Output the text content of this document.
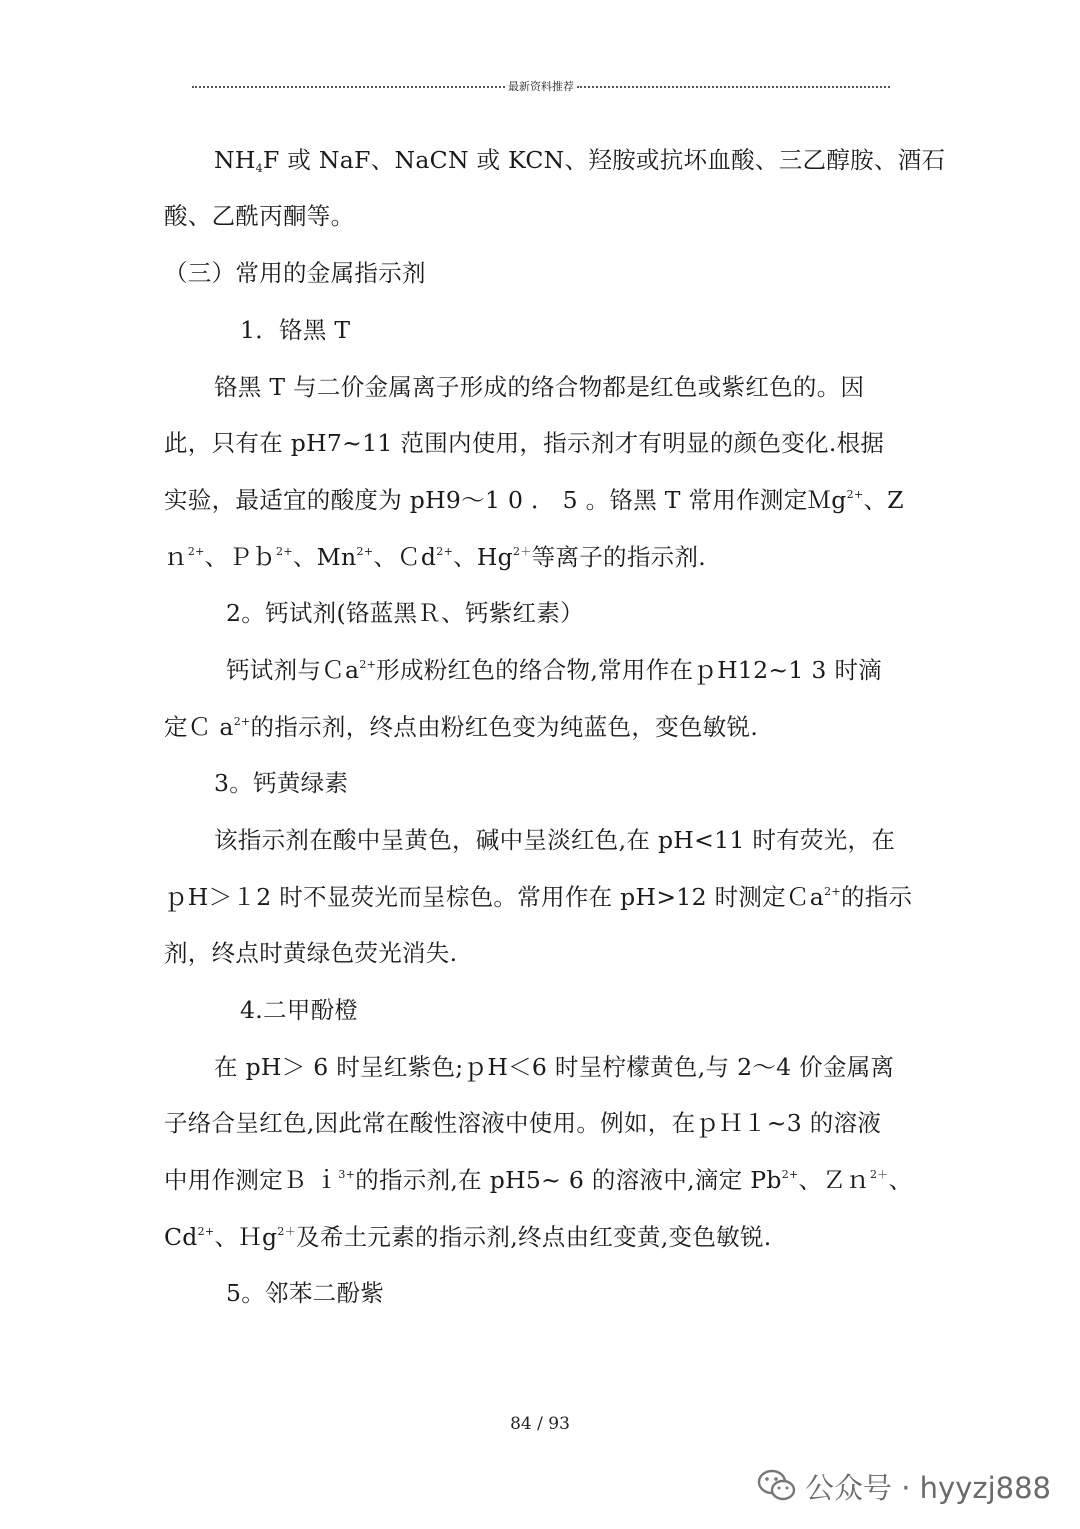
最新资料推荐
$NH_4F$ 或 NaF、NaCN 或 KCN、羟胺或抗坏血酸、三乙醇胺、酒石
酸、乙酰丙酮等。
（三）常用的金属指示剂
1．铬黑 T
铬黑 T 与二价金属离子形成的络合物都是红色或紫红色的。因
此，只有在 pH7~11 范围内使用，指示剂才有明显的颜色变化.根据
实验，最适宜的酸度为 pH9～1 0 ． 5 。铬黑 T 常用作测定Ｍg$^{2+}$、Z
ｎ$^{2+}$、Ｐｂ$^{2+}$、$Mn^{2+}$、Ｃd$^{2+}$、$Hg^{2+}$等离子的指示剂.
2。钙试剂(铬蓝黑Ｒ、钙紫红素）
钙试剂与Ｃa$^{2+}$形成粉红色的络合物,常用作在ｐH12~1 3 时滴
定Ｃ $a^{2+}$的指示剂，终点由粉红色变为纯蓝色，变色敏锐.
3。钙黄绿素
该指示剂在酸中呈黄色，碱中呈淡红色,在 pH<11 时有荧光，在
ｐH＞１2 时不显荧光而呈棕色。常用作在 pH>12 时测定Ｃa$^{2+}$的指示
剂，终点时黄绿色荧光消失.
4.二甲酚橙
在 pH＞ 6 时呈红紫色;ｐH＜6 时呈柠檬黄色,与 2～4 价金属离
子络合呈红色,因此常在酸性溶液中使用。例如，在ｐＨ１~3 的溶液
中用作测定Ｂ ｉ$^{3+}$的指示剂,在 pH5~ 6 的溶液中,滴定 $Pb^{2+}$、Ｚｎ$^{2+}$、
$Cd^{2+}$、Ｈg$^{2+}$及希土元素的指示剂,终点由红变黄,变色敏锐.
5。邻苯二酚紫
84 / 93
公众号 · hyyzj888
